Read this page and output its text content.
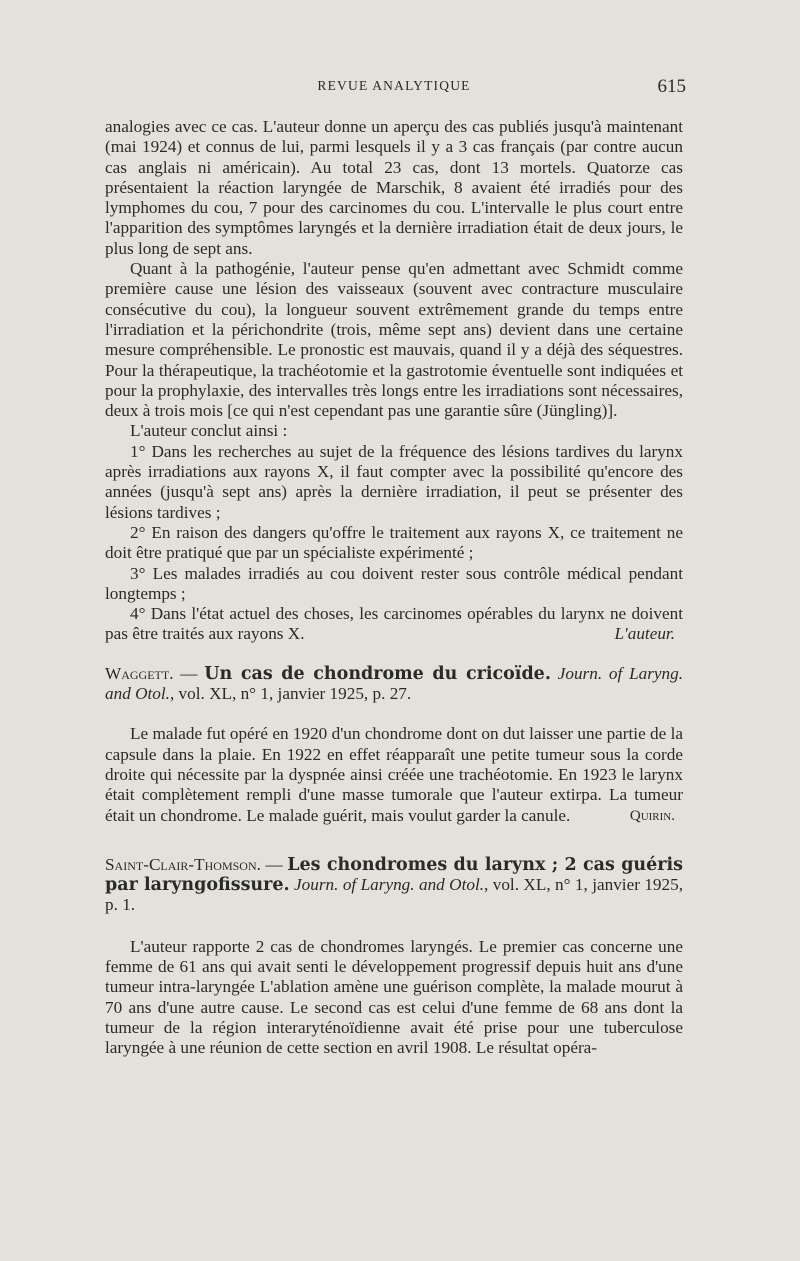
REVUE ANALYTIQUE	615

analogies avec ce cas. L'auteur donne un aperçu des cas publiés jusqu'à maintenant (mai 1924) et connus de lui, parmi lesquels il y a 3 cas français (par contre aucun cas anglais ni américain). Au total 23 cas, dont 13 mortels. Quatorze cas présentaient la réaction laryngée de Marschik, 8 avaient été irradiés pour des lymphomes du cou, 7 pour des carcinomes du cou. L'intervalle le plus court entre l'apparition des symptômes laryngés et la dernière irradiation était de deux jours, le plus long de sept ans.

Quant à la pathogénie, l'auteur pense qu'en admettant avec Schmidt comme première cause une lésion des vaisseaux (souvent avec contracture musculaire consécutive du cou), la longueur souvent extrêmement grande du temps entre l'irradiation et la périchondrite (trois, même sept ans) devient dans une certaine mesure compréhensible. Le pronostic est mauvais, quand il y a déjà des séquestres. Pour la thérapeutique, la trachéotomie et la gastrotomie éventuelle sont indiquées et pour la prophylaxie, des intervalles très longs entre les irradiations sont nécessaires, deux à trois mois [ce qui n'est cependant pas une garantie sûre (Jüngling)].

L'auteur conclut ainsi :

1° Dans les recherches au sujet de la fréquence des lésions tardives du larynx après irradiations aux rayons X, il faut compter avec la possibilité qu'encore des années (jusqu'à sept ans) après la dernière irradiation, il peut se présenter des lésions tardives ;

2° En raison des dangers qu'offre le traitement aux rayons X, ce traitement ne doit être pratiqué que par un spécialiste expérimenté ;

3° Les malades irradiés au cou doivent rester sous contrôle médical pendant longtemps ;

4° Dans l'état actuel des choses, les carcinomes opérables du larynx ne doivent pas être traités aux rayons X.	L'auteur.

Waggett. — Un cas de chondrome du cricoïde. Journ. of Laryng. and Otol., vol. XL, n° 1, janvier 1925, p. 27.

Le malade fut opéré en 1920 d'un chondrome dont on dut laisser une partie de la capsule dans la plaie. En 1922 en effet réapparaît une petite tumeur sous la corde droite qui nécessite par la dyspnée ainsi créée une trachéotomie. En 1923 le larynx était complètement rempli d'une masse tumorale que l'auteur extirpa. La tumeur était un chondrome. Le malade guérit, mais voulut garder la canule.	Quirin.

Saint-Clair-Thomson. — Les chondromes du larynx ; 2 cas guéris par laryngofissure. Journ. of Laryng. and Otol., vol. XL, n° 1, janvier 1925, p. 1.

L'auteur rapporte 2 cas de chondromes laryngés. Le premier cas concerne une femme de 61 ans qui avait senti le développement progressif depuis huit ans d'une tumeur intra-laryngée L'ablation amène une guérison complète, la malade mourut à 70 ans d'une autre cause. Le second cas est celui d'une femme de 68 ans dont la tumeur de la région interaryténoïdienne avait été prise pour une tuberculose laryngée à une réunion de cette section en avril 1908. Le résultat opéra-
